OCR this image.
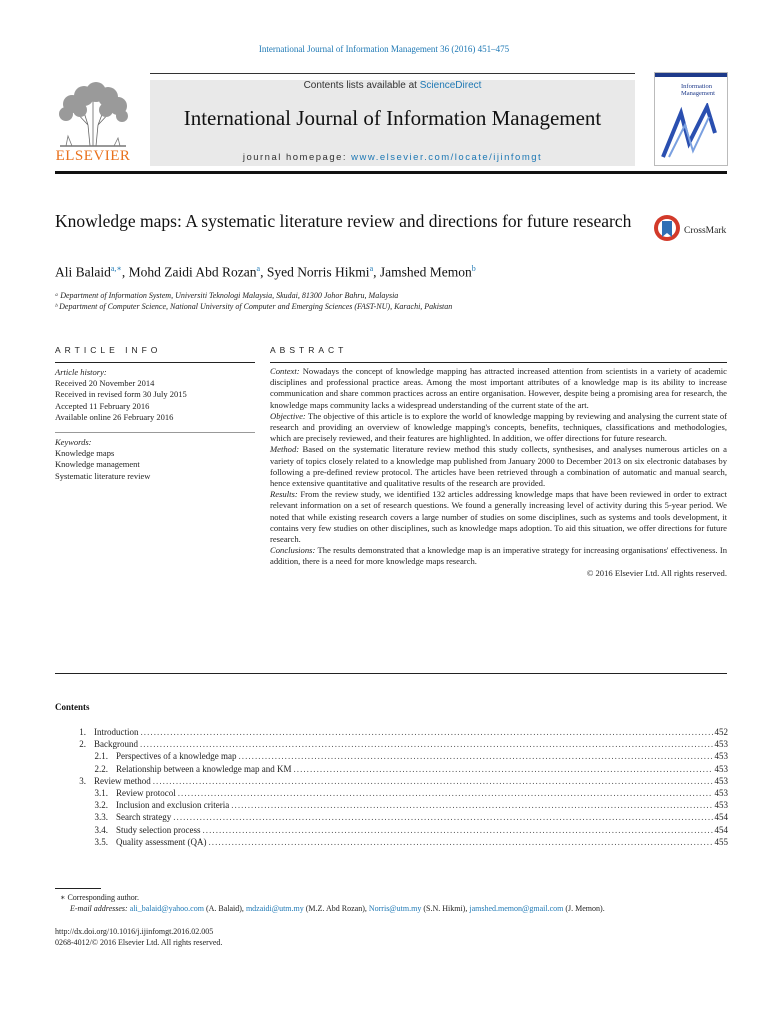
International Journal of Information Management 36 (2016) 451–475
ELSEVIER
Contents lists available at ScienceDirect
International Journal of Information Management
journal homepage: www.elsevier.com/locate/ijinfomgt
Information
Management
Knowledge maps: A systematic literature review and directions for future research	CrossMark
Ali Balaid$^{a,∗}$, Mohd Zaidi Abd Rozan$^a$, Syed Norris Hikmi$^a$, Jamshed Memon$^b$
ᵃ Department of Information System, Universiti Teknologi Malaysia, Skudai, 81300 Johor Bahru, Malaysia
ᵇ Department of Computer Science, National University of Computer and Emerging Sciences (FAST-NU), Karachi, Pakistan
ARTICLE INFO
Article history:
Received 20 November 2014
Received in revised form 30 July 2015
Accepted 11 February 2016
Available online 26 February 2016
Keywords:
Knowledge maps
Knowledge management
Systematic literature review
ABSTRACT

Context: Nowadays the concept of knowledge mapping has attracted increased attention from scientists in a variety of academic disciplines and professional practice areas. Among the most important attributes of a knowledge map is its ability to increase communication and share common practices across an entire organisation. However, despite being a promising area for research, the knowledge maps community lacks a widespread understanding of the current state of the art.

Objective: The objective of this article is to explore the world of knowledge mapping by reviewing and analysing the current state of research and providing an overview of knowledge mapping's concepts, benefits, techniques, classifications and methodologies, which are precisely reviewed, and their features are highlighted. In addition, we offer directions for future research.

Method: Based on the systematic literature review method this study collects, synthesises, and analyses numerous articles on a variety of topics closely related to a knowledge map published from January 2000 to December 2013 on six electronic databases by following a pre-defined review protocol. The articles have been retrieved through a combination of automatic and manual search, hence extensive quantitative and qualitative results of the research are provided.

Results: From the review study, we identified 132 articles addressing knowledge maps that have been reviewed in order to extract relevant information on a set of research questions. We found a generally increasing level of activity during this 5-year period. We noted that while existing research covers a large number of studies on some disciplines, such as systems and tools development, it contains very few studies on other disciplines, such as knowledge maps adoption. To aid this situation, we offer directions for future research.

Conclusions: The results demonstrated that a knowledge map is an imperative strategy for increasing organisations' effectiveness. In addition, there is a need for more knowledge maps research.

© 2016 Elsevier Ltd. All rights reserved.

Contents
1. Introduction . . .	452
2. Background . . .	453
2.1. Perspectives of a knowledge map . . .	453
2.2. Relationship between a knowledge map and KM . . .	453
3. Review method . . .	453
3.1. Review protocol . . .	453
3.2. Inclusion and exclusion criteria . . .	453
3.3. Search strategy . . .	454
3.4. Study selection process . . .	454
3.5. Quality assessment (QA) . . .	455
∗ Corresponding author.
E-mail addresses: ali_balaid@yahoo.com (A. Balaid), mdzaidi@utm.my (M.Z. Abd Rozan), Norris@utm.my (S.N. Hikmi), jamshed.memon@gmail.com (J. Memon).
http://dx.doi.org/10.1016/j.ijinfomgt.2016.02.005
0268-4012/© 2016 Elsevier Ltd. All rights reserved.
